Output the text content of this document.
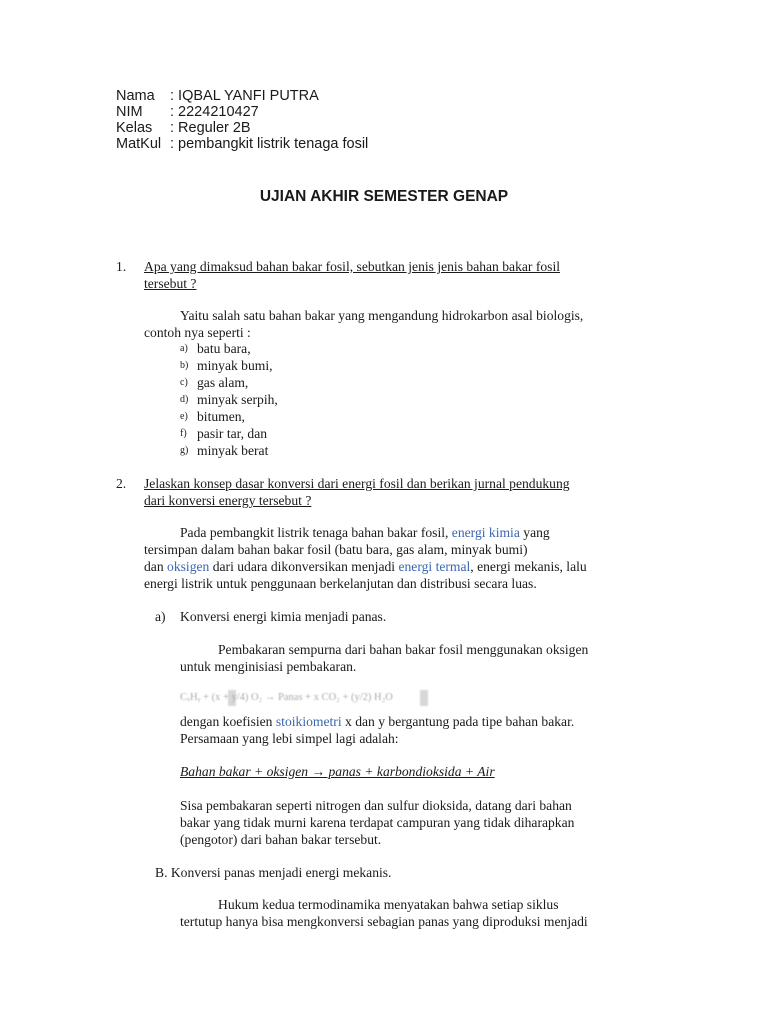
Nama : IQBAL YANFI PUTRA
NIM : 2224210427
Kelas : Reguler 2B
MatKul : pembangkit listrik tenaga fosil
UJIAN AKHIR SEMESTER GENAP
1. Apa yang dimaksud bahan bakar fosil, sebutkan jenis jenis bahan bakar fosil
tersebut ?
Yaitu salah satu bahan bakar yang mengandung hidrokarbon asal biologis,
contoh nya seperti :
a) batu bara,
b) minyak bumi,
c) gas alam,
d) minyak serpih,
e) bitumen,
f) pasir tar, dan
g) minyak berat
2. Jelaskan konsep dasar konversi dari energi fosil dan berikan jurnal pendukung
dari konversi energy tersebut ?
Pada pembangkit listrik tenaga bahan bakar fosil, energi kimia yang
tersimpan dalam bahan bakar fosil (batu bara, gas alam, minyak bumi)
dan oksigen dari udara dikonversikan menjadi energi termal, energi mekanis, lalu
energi listrik untuk penggunaan berkelanjutan dan distribusi secara luas.
a) Konversi energi kimia menjadi panas.
Pembakaran sempurna dari bahan bakar fosil menggunakan oksigen
untuk menginisiasi pembakaran.
CₓHᵧ + (x + y/4) O₂ → Panas + x CO₂ + (y/2) H₂O
dengan koefisien stoikiometri x dan y bergantung pada tipe bahan bakar.
Persamaan yang lebi simpel lagi adalah:
Bahan bakar + oksigen → panas + karbondioksida + Air
Sisa pembakaran seperti nitrogen dan sulfur dioksida, datang dari bahan
bakar yang tidak murni karena terdapat campuran yang tidak diharapkan
(pengotor) dari bahan bakar tersebut.
B. Konversi panas menjadi energi mekanis.
Hukum kedua termodinamika menyatakan bahwa setiap siklus
tertutup hanya bisa mengkonversi sebagian panas yang diproduksi menjadi
